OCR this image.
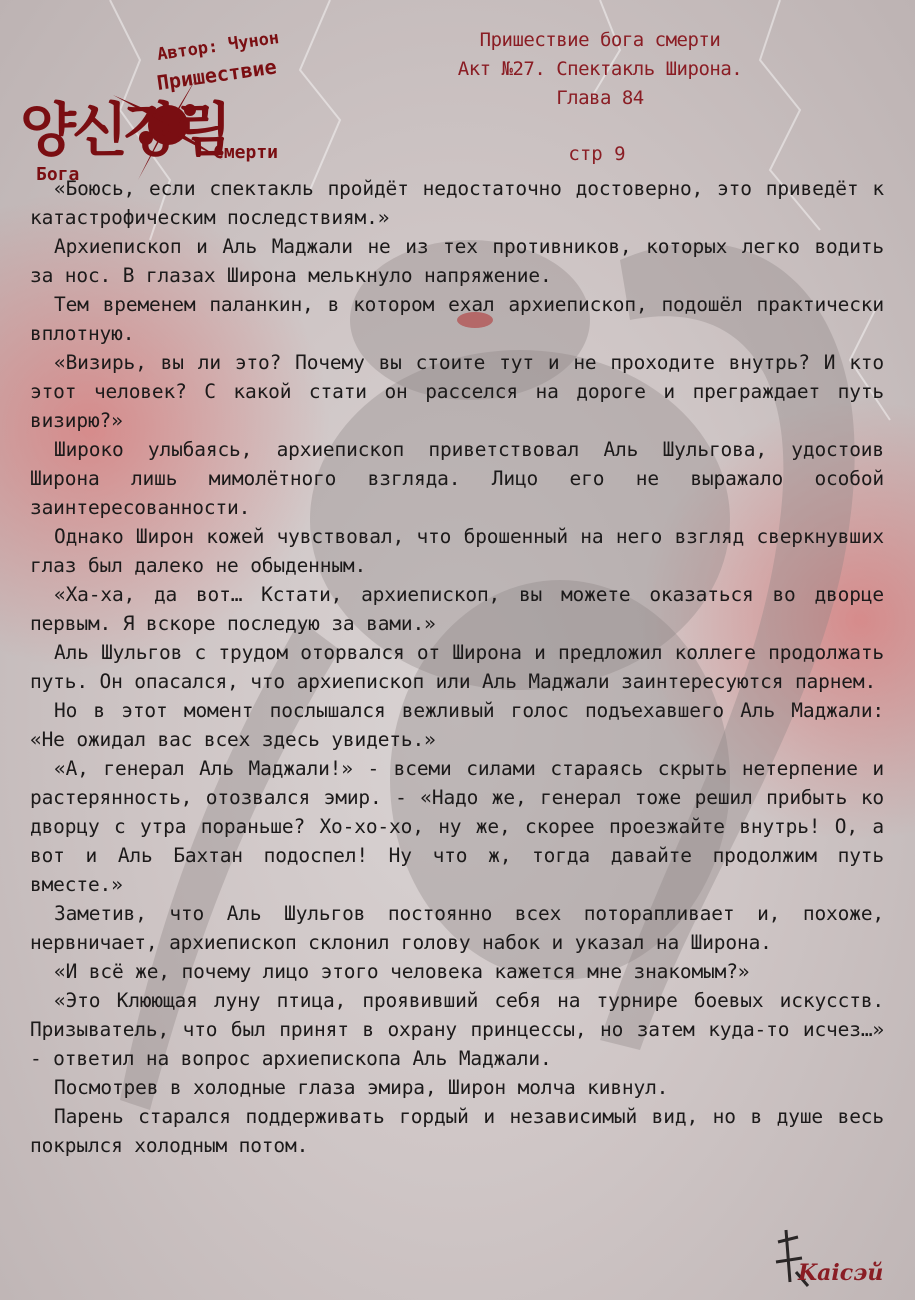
Автор: Чунон
Пришествие
양신강림
Бога
Смерти
Пришествие бога смерти
Акт №27. Спектакль Широна.
Глава 84
стр 9

«Боюсь, если спектакль пройдёт недостаточно достоверно, это приведёт к катастрофическим последствиям.»

Архиепископ и Аль Маджали не из тех противников, которых легко водить за нос. В глазах Широна мелькнуло напряжение.

Тем временем паланкин, в котором ехал архиепископ, подошёл практически вплотную.

«Визирь, вы ли это? Почему вы стоите тут и не проходите внутрь? И кто этот человек? С какой стати он расселся на дороге и преграждает путь визирю?»

Широко улыбаясь, архиепископ приветствовал Аль Шульгова, удостоив Широна лишь мимолётного взгляда. Лицо его не выражало особой заинтересованности.

Однако Широн кожей чувствовал, что брошенный на него взгляд сверкнувших глаз был далеко не обыденным.

«Ха-ха, да вот… Кстати, архиепископ, вы можете оказаться во дворце первым. Я вскоре последую за вами.»

Аль Шульгов с трудом оторвался от Широна и предложил коллеге продолжать путь. Он опасался, что архиепископ или Аль Маджали заинтересуются парнем.

Но в этот момент послышался вежливый голос подъехавшего Аль Маджали: «Не ожидал вас всех здесь увидеть.»

«А, генерал Аль Маджали!» - всеми силами стараясь скрыть нетерпение и растерянность, отозвался эмир. - «Надо же, генерал тоже решил прибыть ко дворцу с утра пораньше? Хо-хо-хо, ну же, скорее проезжайте внутрь! О, а вот и Аль Бахтан подоспел! Ну что ж, тогда давайте продолжим путь вместе.»

Заметив, что Аль Шульгов постоянно всех поторапливает и, похоже, нервничает, архиепископ склонил голову набок и указал на Широна.

«И всё же, почему лицо этого человека кажется мне знакомым?»

«Это Клюющая луну птица, проявивший себя на турнире боевых искусств. Призыватель, что был принят в охрану принцессы, но затем куда-то исчез…» - ответил на вопрос архиепископа Аль Маджали.

Посмотрев в холодные глаза эмира, Широн молча кивнул.

Парень старался поддерживать гордый и независимый вид, но в душе весь покрылся холодным потом.

Kaicэй
